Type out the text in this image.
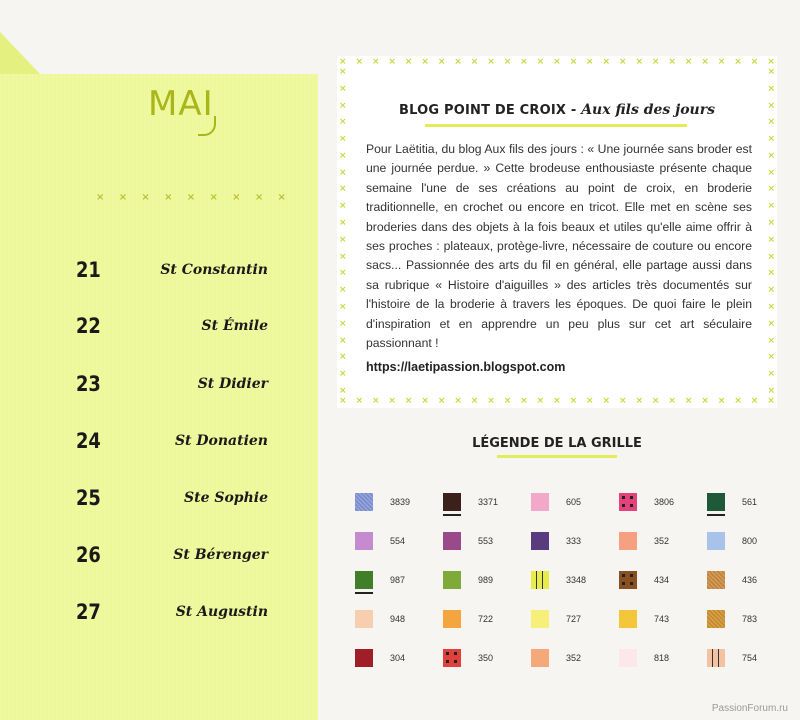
MAI
× × × × × × × × ×
21	St Constantin
22	St Émile
23	St Didier
24	St Donatien
25	Ste Sophie
26	St Bérenger
27	St Augustin
× × × × × × × × × × × × × × × × × × × × × × × × × × ×
× × × × × × × × × × × × × × × × × × × × × × × × × × ×
×
×
×
×
×
×
×
×
×
×
×
×
×
×
×
×
×
×
×
×
×
×
×
×
×
×
×
×
×
×
×
×
×
×
×
×
×
×
×
×
BLOG POINT DE CROIX - Aux fils des jours

Pour Laëtitia, du blog Aux fils des jours : « Une journée sans broder est une journée perdue. » Cette brodeuse enthousiaste présente chaque semaine l'une de ses créations au point de croix, en broderie traditionnelle, en crochet ou encore en tricot. Elle met en scène ses broderies dans des objets à la fois beaux et utiles qu'elle aime offrir à ses proches : plateaux, protège-livre, nécessaire de couture ou encore sacs... Passionnée des arts du fil en général, elle partage aussi dans sa rubrique « Histoire d'aiguilles » des articles très documentés sur l'histoire de la broderie à travers les époques. De quoi faire le plein d'inspiration et en apprendre un peu plus sur cet art séculaire passionnant !

https://laetipassion.blogspot.com
LÉGENDE DE LA GRILLE
3839	3371	605	3806	561
554	553	333	352	800
987	989	3348	434	436
948	722	727	743	783
304	350	352	818	754
PassionForum.ru
